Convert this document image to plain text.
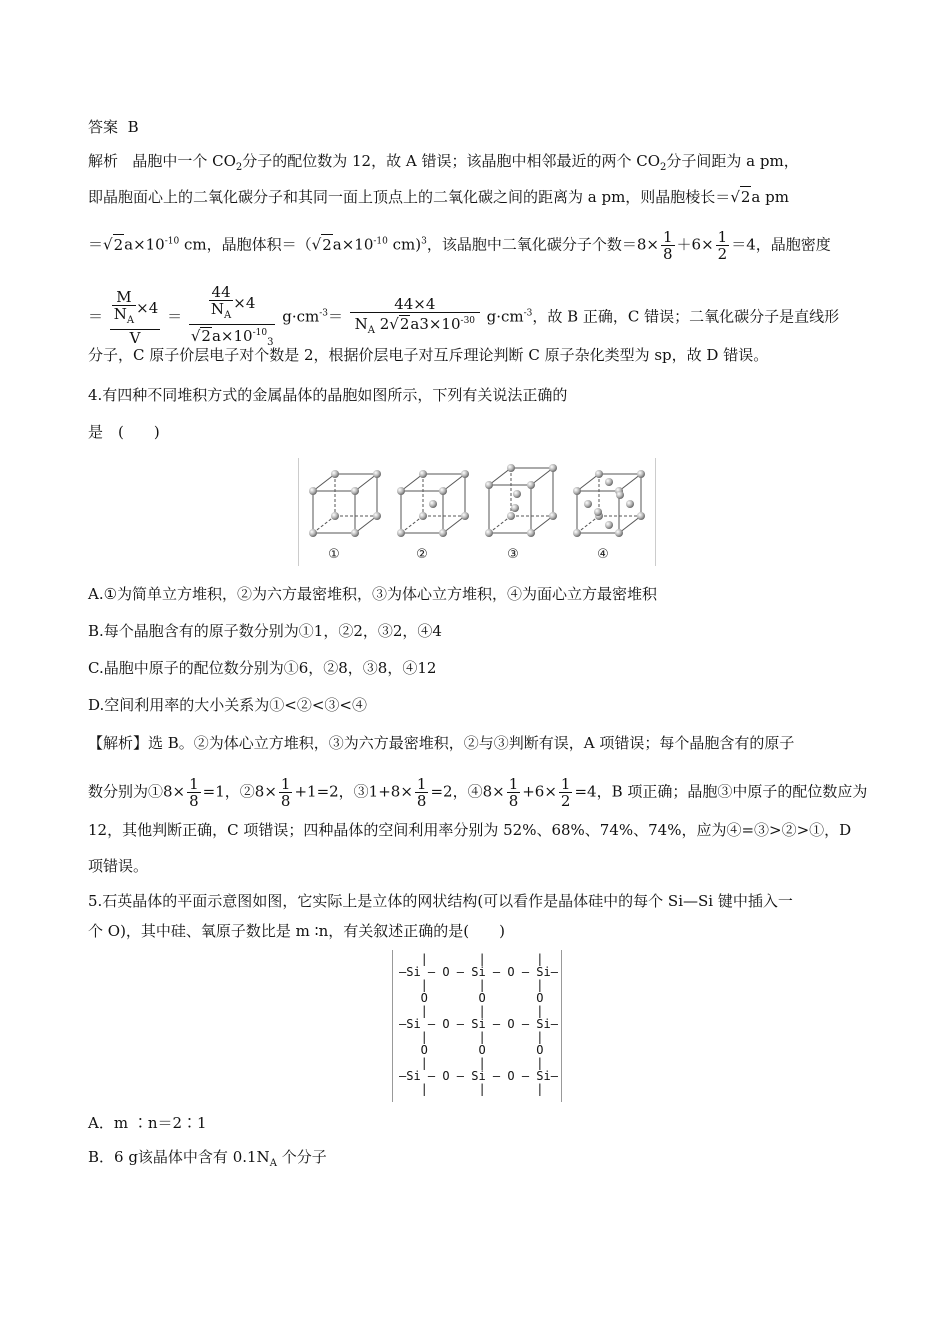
答案 B
解析 晶胞中一个 $CO_2$分子的配位数为 12，故 A 错误；该晶胞中相邻最近的两个 $CO_2$分子间距为 a pm，
即晶胞面心上的二氧化碳分子和其同一面上顶点上的二氧化碳之间的距离为 a pm，则晶胞棱长＝√2a pm
$=√2a\times 10^{-10}$ cm，晶胞体积$=(√2a\times 10^{-10}$ cm)$^3$，该晶胞中二氧化碳分子个数$=8\times \frac{1}{8} +6\times \frac{1}{2} =4$，晶胞密度
＝ $\frac{\frac{M}{N_A} \times 4}{V} = \frac{\frac{44}{N_A} \times 4}{√2a\times 10^{-10}_3} g\cdot cm^{-3}= \frac{44\times 4}{N_A 2√2a3\times 10^{-30}} g\cdot cm^{-3}$，故 B 正确，C 错误；二氧化碳分子是直线形
分子，C 原子价层电子对个数是 2，根据价层电子对互斥理论判断 C 原子杂化类型为 sp，故 D 错误。
4.有四种不同堆积方式的金属晶体的晶胞如图所示，下列有关说法正确的
是　(　　)
①	②	③	④
A.①为简单立方堆积，②为六方最密堆积，③为体心立方堆积，④为面心立方最密堆积
B.每个晶胞含有的原子数分别为①1，②2，③2，④4
C.晶胞中原子的配位数分别为①6，②8，③8，④12
D.空间利用率的大小关系为①<②<③<④
【解析】选 B。②为体心立方堆积，③为六方最密堆积，②与③判断有误，A 项错误；每个晶胞含有的原子
数分别为①8× $\frac{1}{8} =1$，②8× $\frac{1}{8} +1=2$，③1+8× $\frac{1}{8} =2$，④8× $\frac{1}{8} +6\times \frac{1}{2} =4$，B 项正确；晶胞③中原子的配位数应为
12，其他判断正确，C 项错误；四种晶体的空间利用率分别为 52%、68%、74%、74%，应为④=③>②>①，D
项错误。
5.石英晶体的平面示意图如图，它实际上是立体的网状结构(可以看作是晶体硅中的每个 Si—Si 键中插入一
个 O)，其中硅、氧原子数比是 m ∶n，有关叙述正确的是(　　)
|       |       |
—Si — O — Si — O — Si—
|       |       |
O       O       O
|       |       |
—Si — O — Si — O — Si—
|       |       |
O       O       O
|       |       |
—Si — O — Si — O — Si—
|       |       |
A．m ∶n＝2∶1
B．6 g该晶体中含有 $0.1N_A$ 个分子
